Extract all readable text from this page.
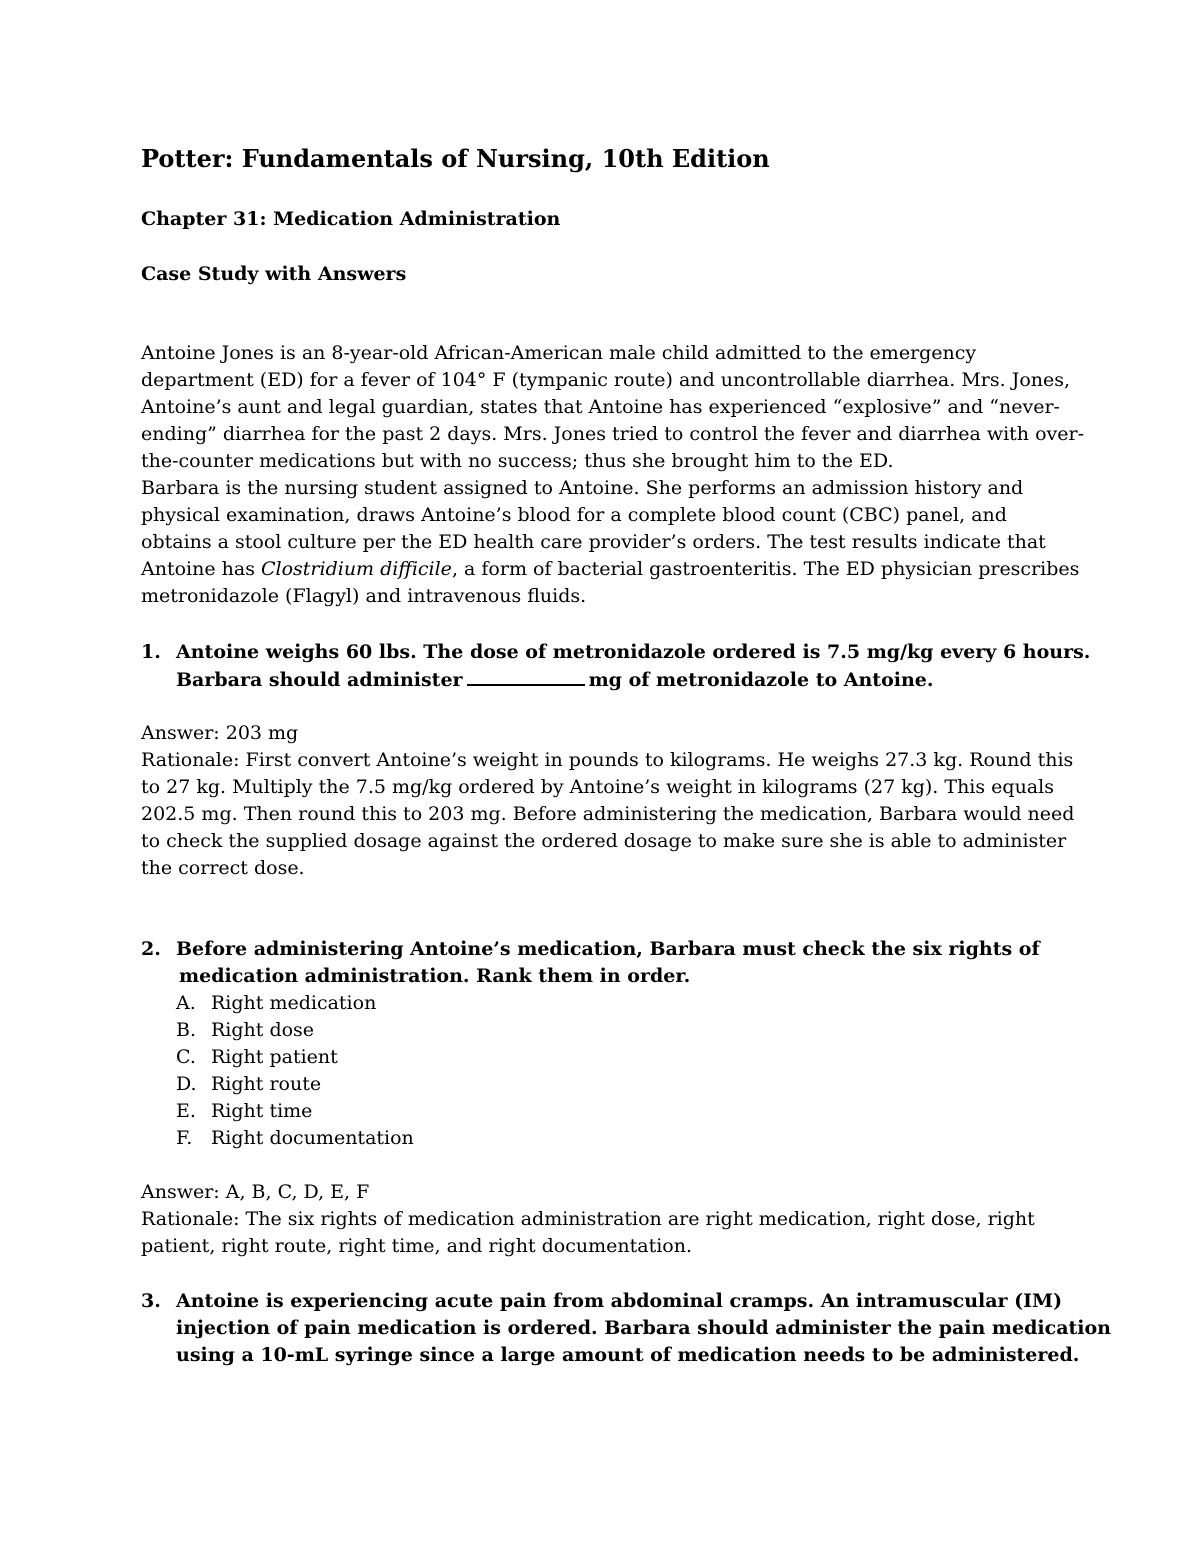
Potter: Fundamentals of Nursing, 10th Edition
Chapter 31: Medication Administration
Case Study with Answers
Antoine Jones is an 8-year-old African-American male child admitted to the emergency
department (ED) for a fever of 104° F (tympanic route) and uncontrollable diarrhea. Mrs. Jones,
Antoine’s aunt and legal guardian, states that Antoine has experienced “explosive” and “never-
ending” diarrhea for the past 2 days. Mrs. Jones tried to control the fever and diarrhea with over-
the-counter medications but with no success; thus she brought him to the ED.
Barbara is the nursing student assigned to Antoine. She performs an admission history and
physical examination, draws Antoine’s blood for a complete blood count (CBC) panel, and
obtains a stool culture per the ED health care provider’s orders. The test results indicate that
Antoine has Clostridium difficile, a form of bacterial gastroenteritis. The ED physician prescribes
metronidazole (Flagyl) and intravenous fluids.
1. Antoine weighs 60 lbs. The dose of metronidazole ordered is 7.5 mg/kg every 6 hours.
Barbara should administer	mg of metronidazole to Antoine.
Answer: 203 mg
Rationale: First convert Antoine’s weight in pounds to kilograms. He weighs 27.3 kg. Round this
to 27 kg. Multiply the 7.5 mg/kg ordered by Antoine’s weight in kilograms (27 kg). This equals
202.5 mg. Then round this to 203 mg. Before administering the medication, Barbara would need
to check the supplied dosage against the ordered dosage to make sure she is able to administer
the correct dose.
2. Before administering Antoine’s medication, Barbara must check the six rights of
medication administration. Rank them in order.
A. Right medication
B. Right dose
C. Right patient
D. Right route
E. Right time
F. Right documentation
Answer: A, B, C, D, E, F
Rationale: The six rights of medication administration are right medication, right dose, right
patient, right route, right time, and right documentation.
3. Antoine is experiencing acute pain from abdominal cramps. An intramuscular (IM)
injection of pain medication is ordered. Barbara should administer the pain medication
using a 10-mL syringe since a large amount of medication needs to be administered.
